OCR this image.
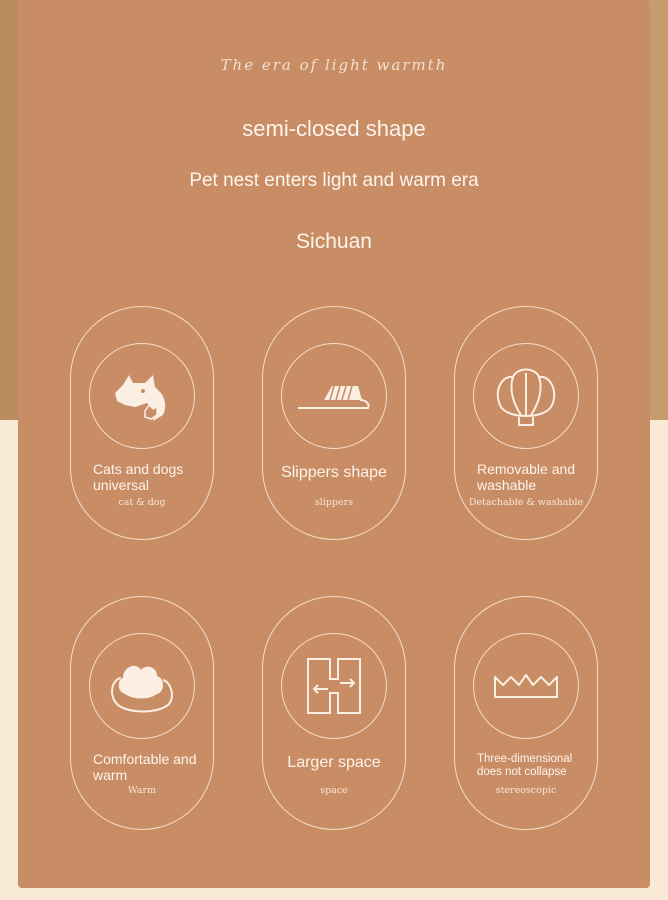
The era of light warmth
semi-closed shape
Pet nest enters light and warm era
Sichuan
Cats and dogs universal
cat & dog
Slippers shape
slippers
Removable and washable
Detachable & washable
Comfortable and warm
Warm
Larger space
space
Three-dimensional does not collapse
stereoscopic
